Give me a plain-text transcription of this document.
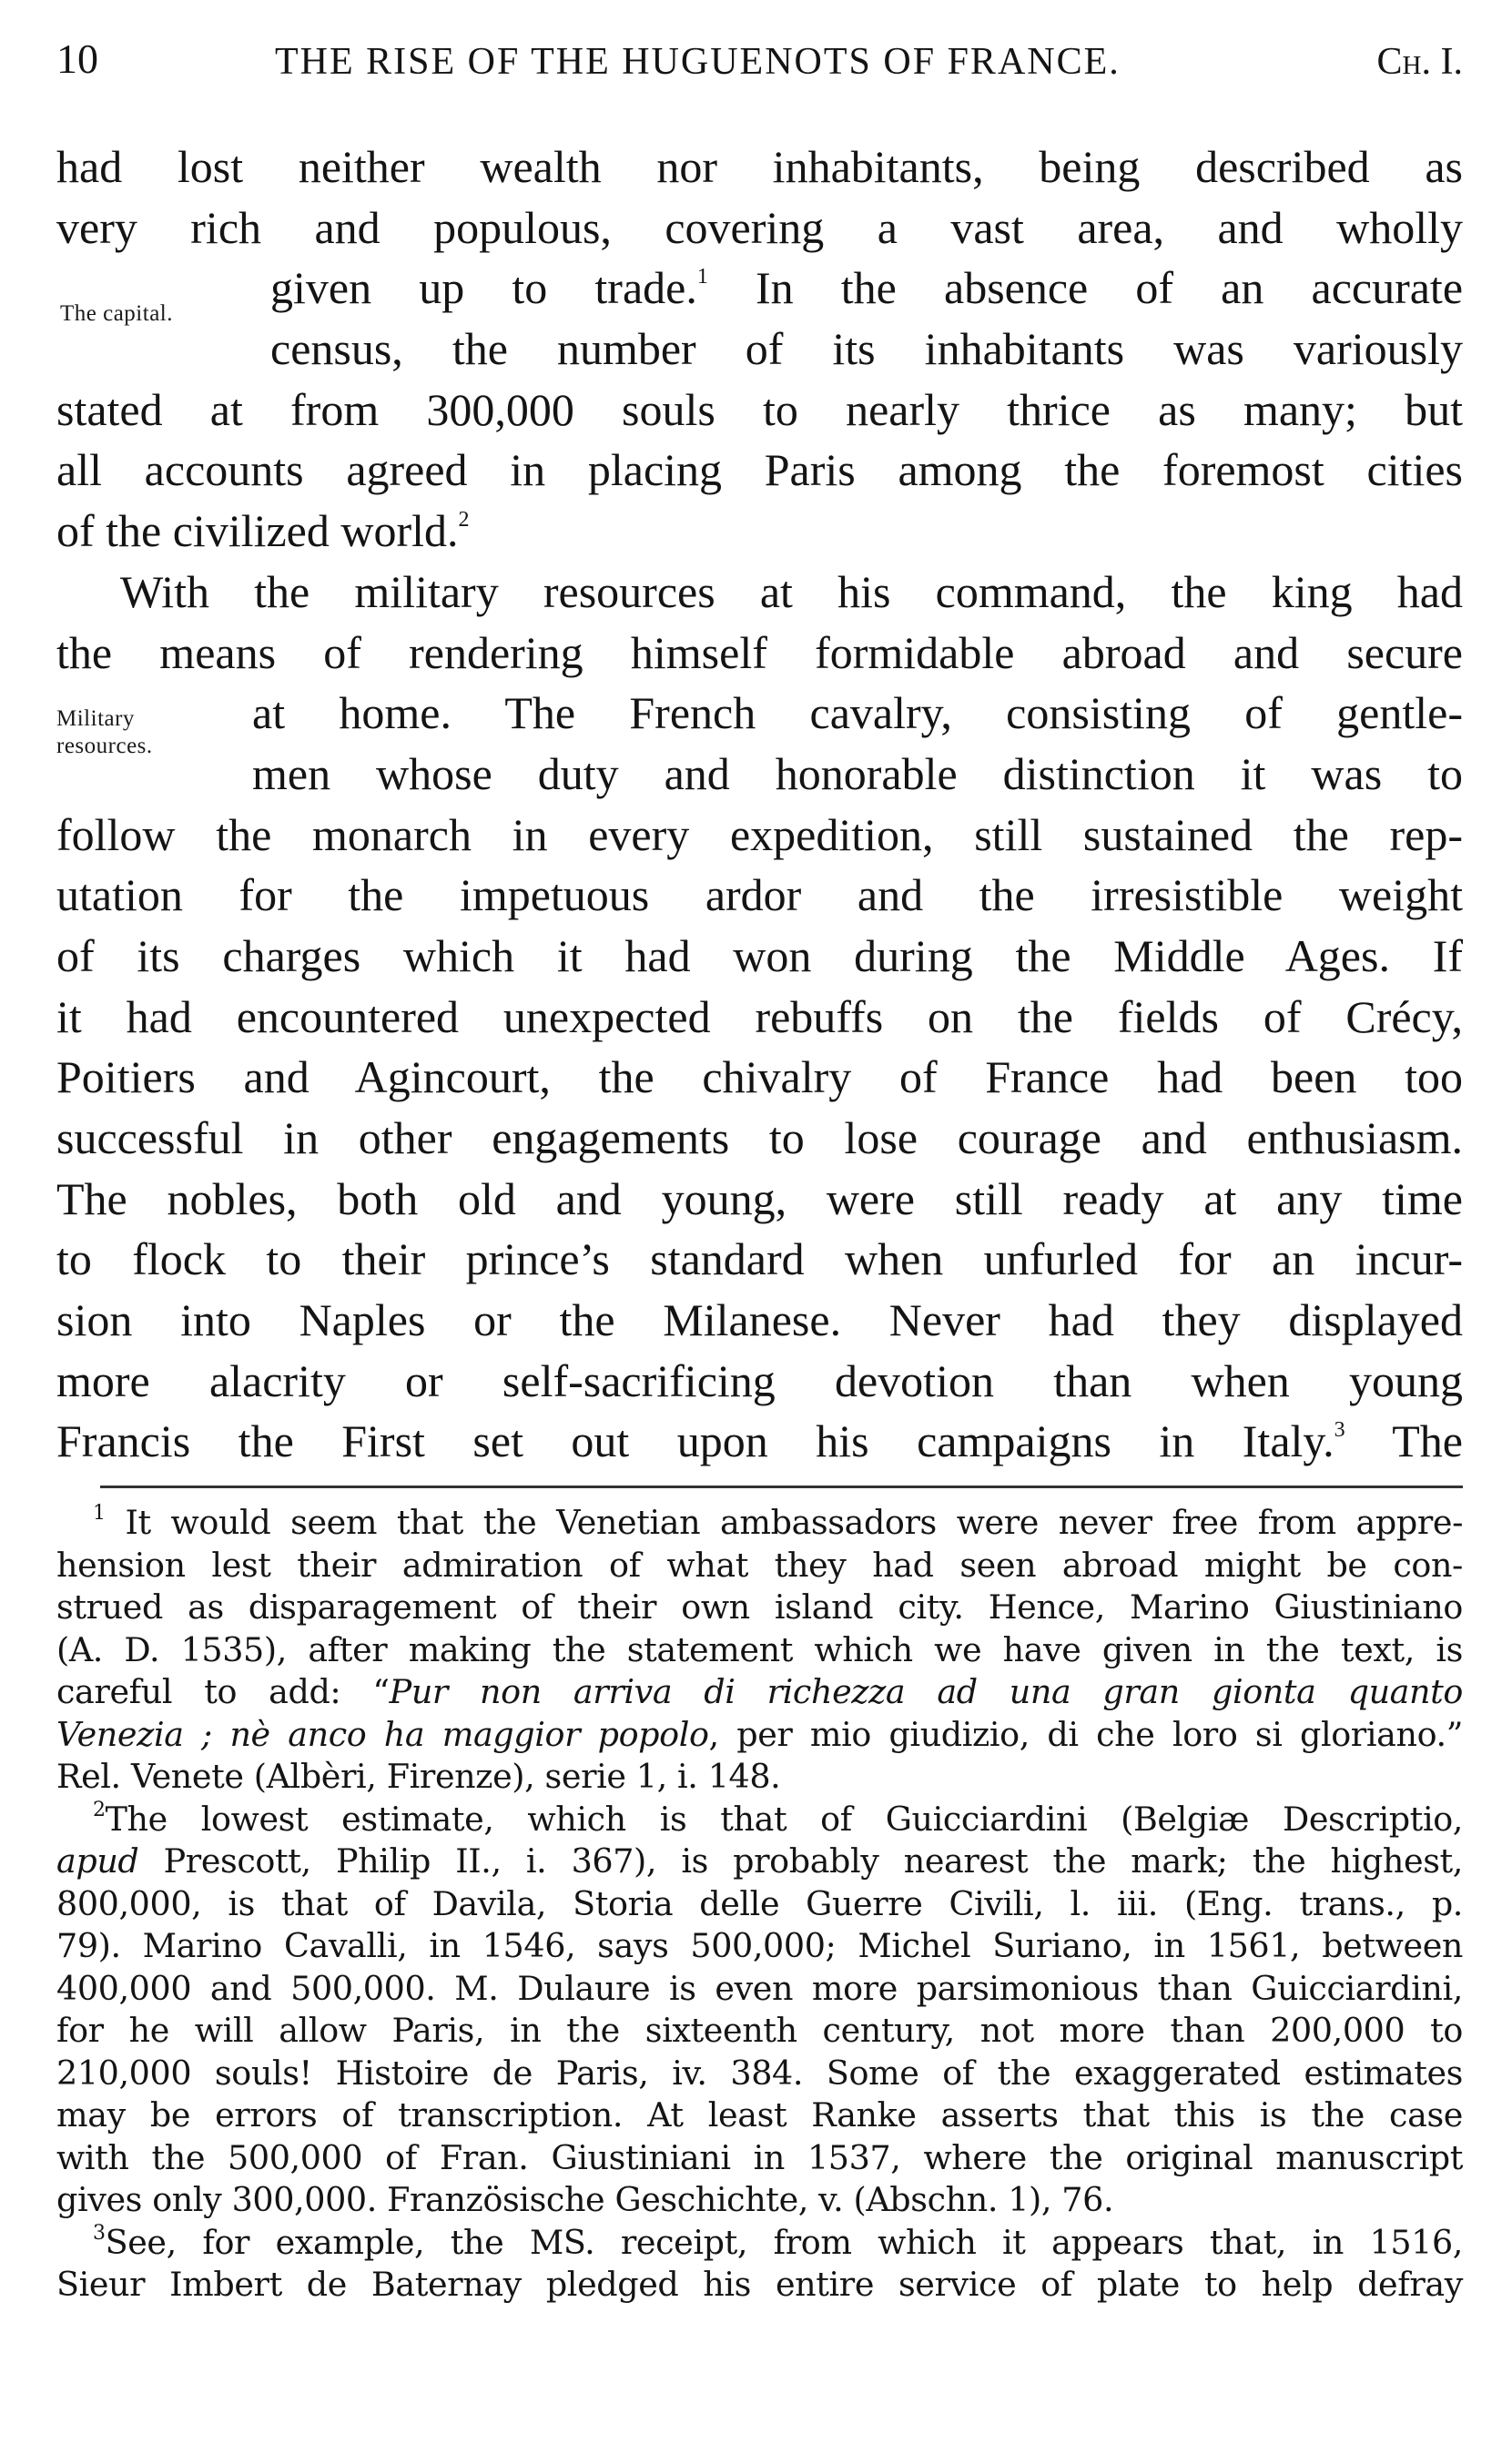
10	THE RISE OF THE HUGUENOTS OF FRANCE.	Ch. I.
The capital.
Military
resources.
had lost neither wealth nor inhabitants, being described as
very rich and populous, covering a vast area, and wholly
given up to trade.$^1$ In the absence of an accurate
census, the number of its inhabitants was variously
stated at from 300,000 souls to nearly thrice as many; but
all accounts agreed in placing Paris among the foremost cities
of the civilized world.$^2$
With the military resources at his command, the king had
the means of rendering himself formidable abroad and secure
at home. The French cavalry, consisting of gentle-
men whose duty and honorable distinction it was to
follow the monarch in every expedition, still sustained the rep-
utation for the impetuous ardor and the irresistible weight
of its charges which it had won during the Middle Ages. If
it had encountered unexpected rebuffs on the fields of Crécy,
Poitiers and Agincourt, the chivalry of France had been too
successful in other engagements to lose courage and enthusiasm.
The nobles, both old and young, were still ready at any time
to flock to their prince’s standard when unfurled for an incur-
sion into Naples or the Milanese. Never had they displayed
more alacrity or self-sacrificing devotion than when young
Francis the First set out upon his campaigns in Italy.$^3$ The
$^1$ It would seem that the Venetian ambassadors were never free from appre-
hension lest their admiration of what they had seen abroad might be con-
strued as disparagement of their own island city. Hence, Marino Giustiniano
(A. D. 1535), after making the statement which we have given in the text, is
careful to add: “Pur non arriva di richezza ad una gran gionta quanto
Venezia ; nè anco ha maggior popolo, per mio giudizio, di che loro si gloriano.”
Rel. Venete (Albèri, Firenze), serie 1, i. 148.
$^2$The lowest estimate, which is that of Guicciardini (Belgiæ Descriptio,
apud Prescott, Philip II., i. 367), is probably nearest the mark; the highest,
800,000, is that of Davila, Storia delle Guerre Civili, l. iii. (Eng. trans., p.
79). Marino Cavalli, in 1546, says 500,000; Michel Suriano, in 1561, between
400,000 and 500,000. M. Dulaure is even more parsimonious than Guicciardini,
for he will allow Paris, in the sixteenth century, not more than 200,000 to
210,000 souls! Histoire de Paris, iv. 384. Some of the exaggerated estimates
may be errors of transcription. At least Ranke asserts that this is the case
with the 500,000 of Fran. Giustiniani in 1537, where the original manuscript
gives only 300,000. Französische Geschichte, v. (Abschn. 1), 76.
$^3$See, for example, the MS. receipt, from which it appears that, in 1516,
Sieur Imbert de Baternay pledged his entire service of plate to help defray
